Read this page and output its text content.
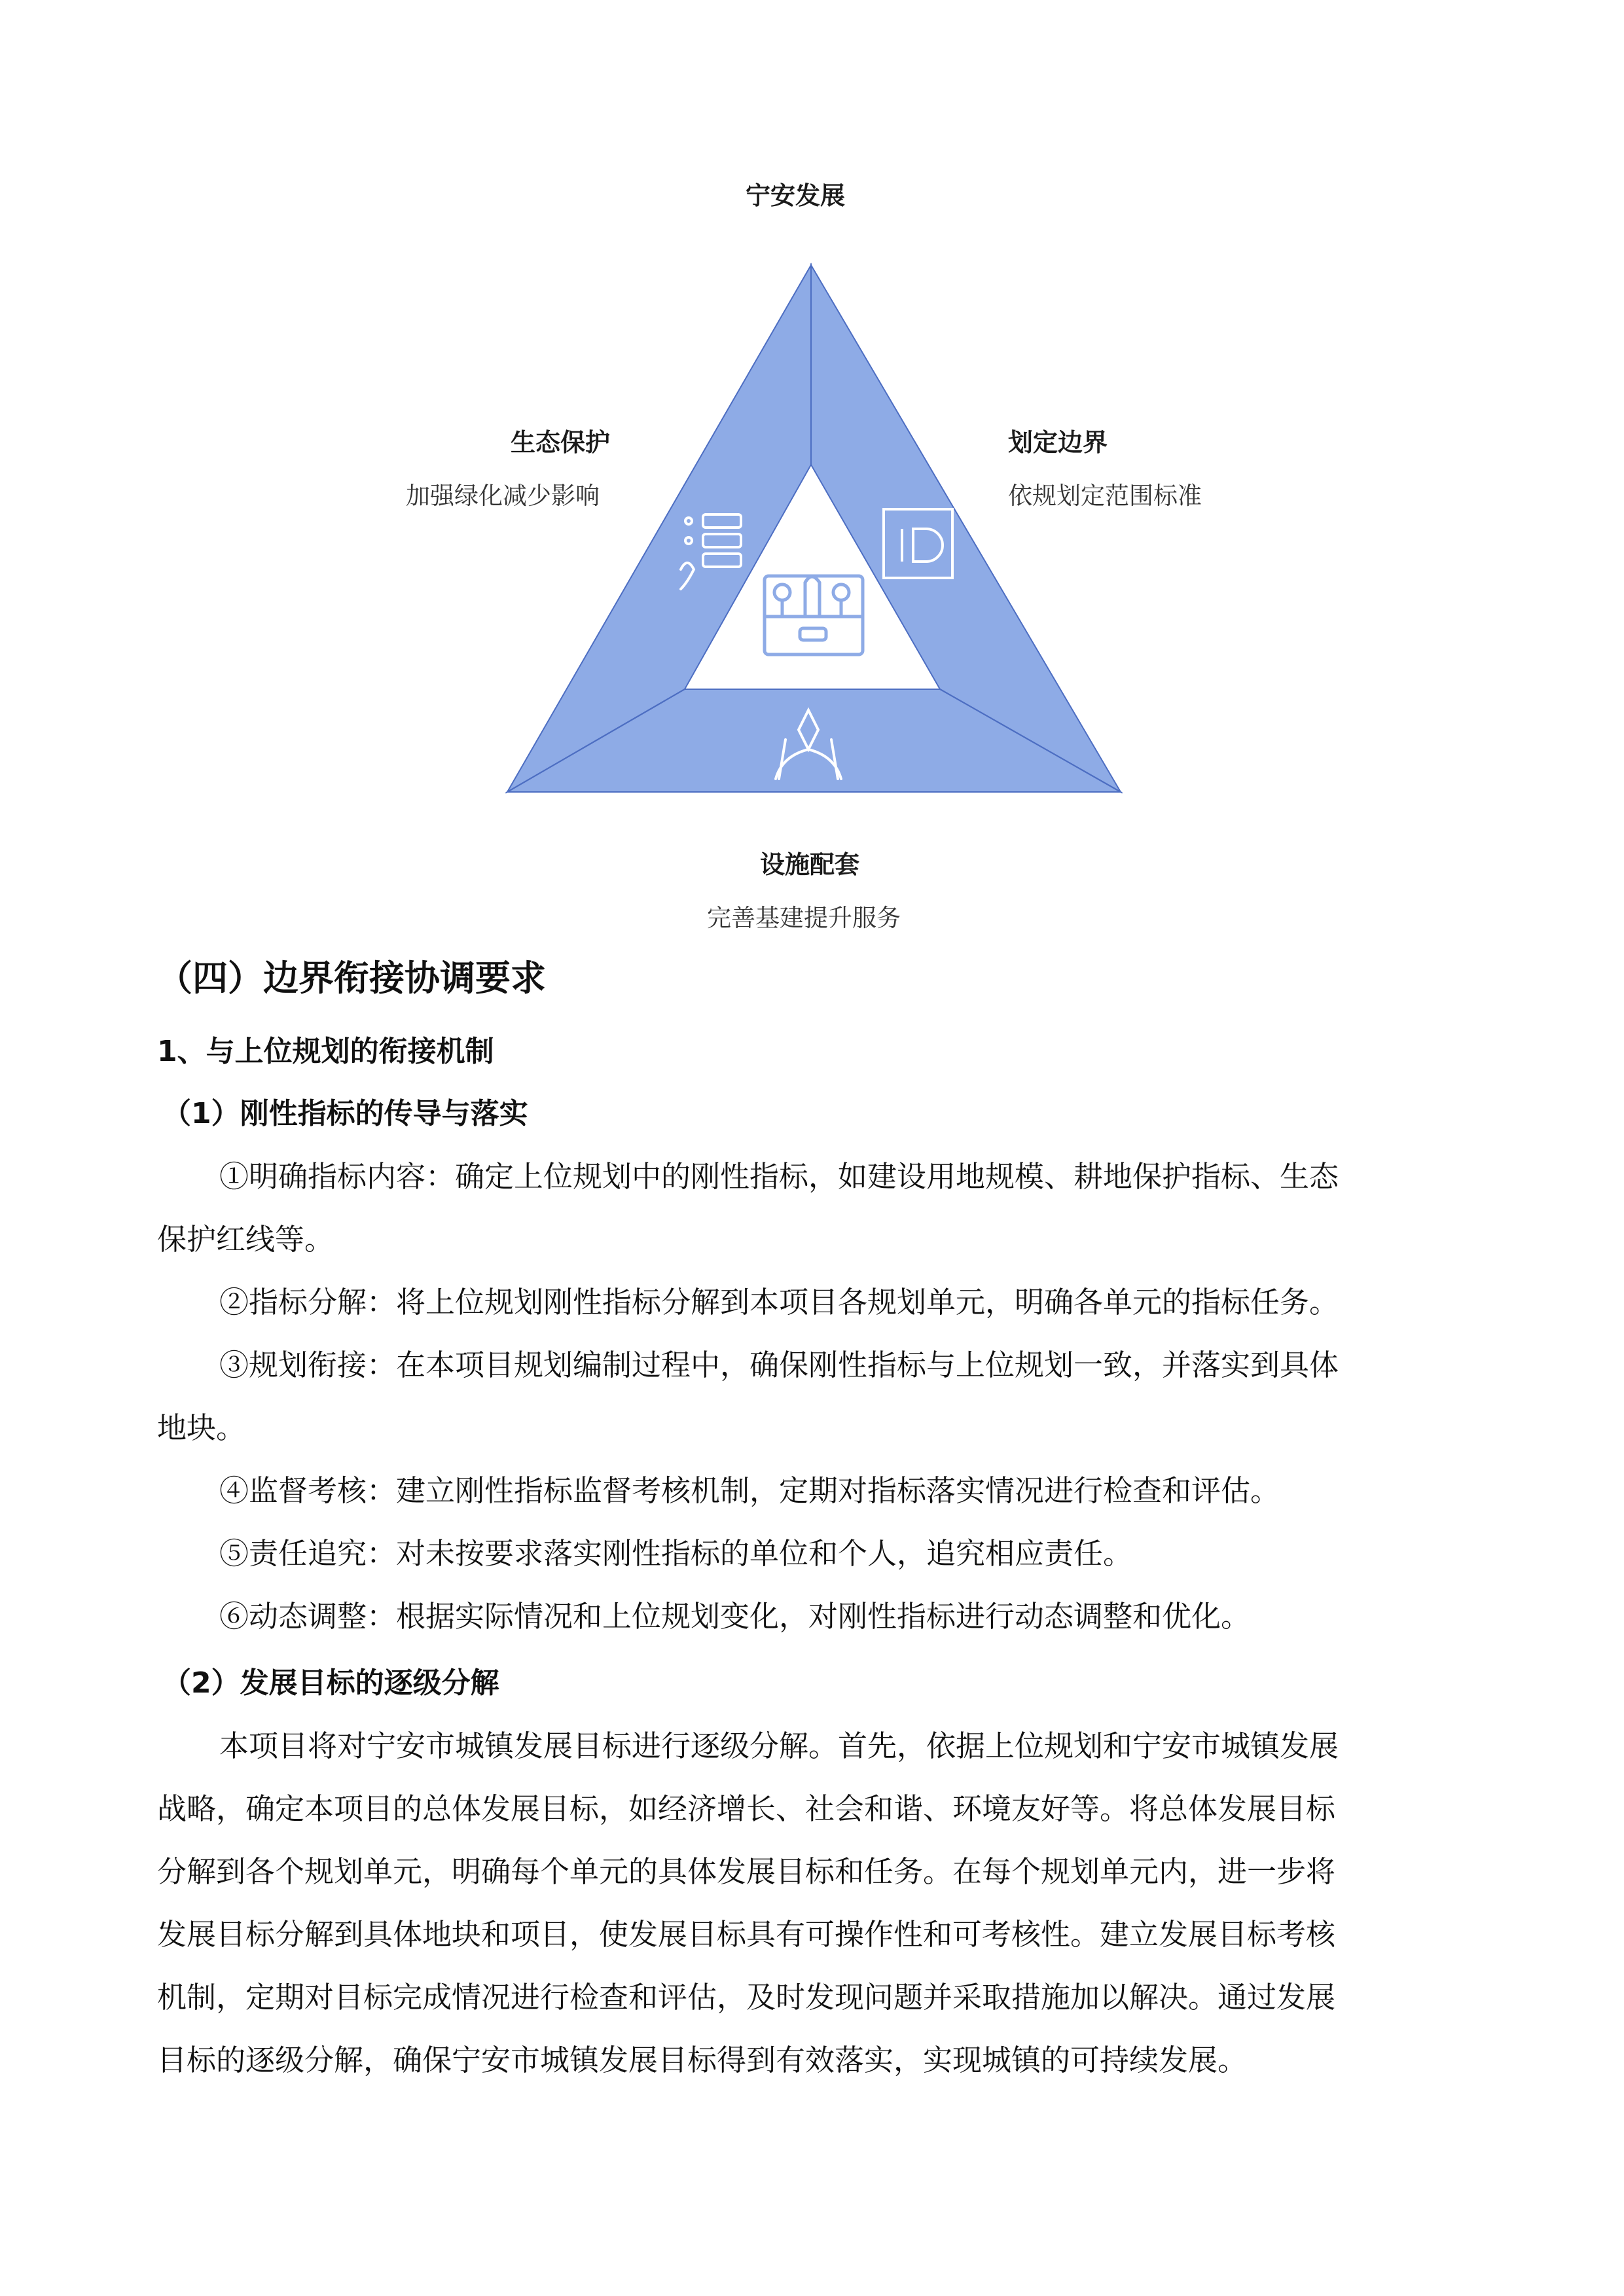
宁安发展
生态保护
加强绿化减少影响
划定边界
依规划定范围标准
设施配套
完善基建提升服务
（四）边界衔接协调要求
1、与上位规划的衔接机制
（1）刚性指标的传导与落实
①明确指标内容：确定上位规划中的刚性指标，如建设用地规模、耕地保护指标、生态
保护红线等。
②指标分解：将上位规划刚性指标分解到本项目各规划单元，明确各单元的指标任务。
③规划衔接：在本项目规划编制过程中，确保刚性指标与上位规划一致，并落实到具体
地块。
④监督考核：建立刚性指标监督考核机制，定期对指标落实情况进行检查和评估。
⑤责任追究：对未按要求落实刚性指标的单位和个人，追究相应责任。
⑥动态调整：根据实际情况和上位规划变化，对刚性指标进行动态调整和优化。
（2）发展目标的逐级分解
本项目将对宁安市城镇发展目标进行逐级分解。首先，依据上位规划和宁安市城镇发展
战略，确定本项目的总体发展目标，如经济增长、社会和谐、环境友好等。将总体发展目标
分解到各个规划单元，明确每个单元的具体发展目标和任务。在每个规划单元内，进一步将
发展目标分解到具体地块和项目，使发展目标具有可操作性和可考核性。建立发展目标考核
机制，定期对目标完成情况进行检查和评估，及时发现问题并采取措施加以解决。通过发展
目标的逐级分解，确保宁安市城镇发展目标得到有效落实，实现城镇的可持续发展。
